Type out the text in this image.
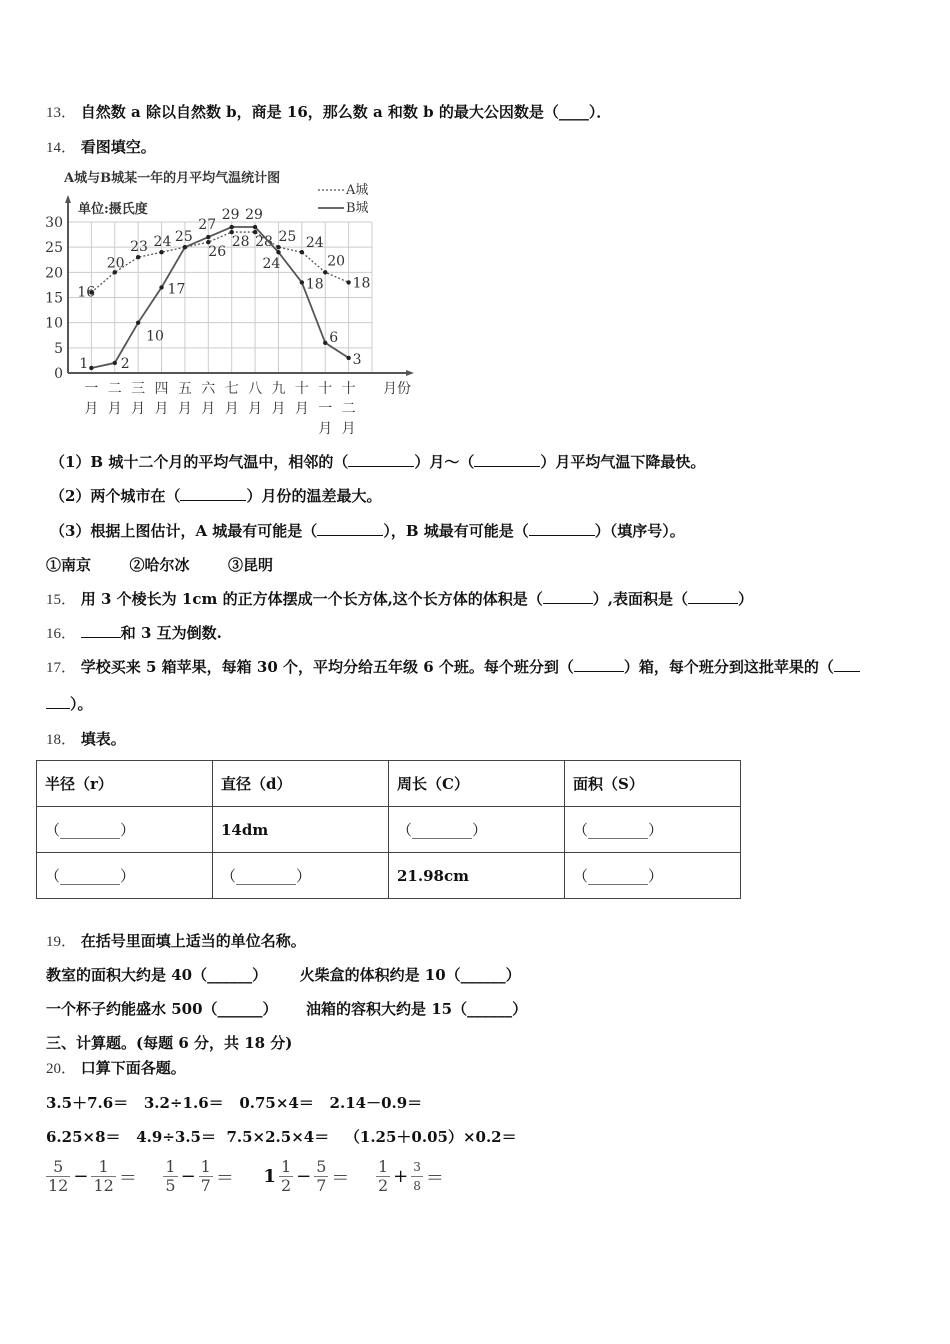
13． 自然数 a 除以自然数 b，商是 16，那么数 a 和数 b 的最大公因数是（____）．
14． 看图填空。
A城与B城某一年的月平均气温统计图
A城
B城
单位:摄氏度
0
5
10
15
20
25
30
16
20
23 24 25
26
28 28 25 24
20
18
1 2
10
17
27
29 29
24
18
6
3
一
月
二
月
三
月
四
月
五
月
六
月
七
月
八
月
九
月
十
月
十
一
月
十
二
月
月份
（1）B 城十二个月的平均气温中，相邻的（	）月～（	）月平均气温下降最快。
（2）两个城市在（	）月份的温差最大。
（3）根据上图估计，A 城最有可能是（	），B 城最有可能是（	）（填序号）。
①南京	②哈尔冰	③昆明
15． 用 3 个棱长为 1cm 的正方体摆成一个长方体,这个长方体的体积是（	）,表面积是（	）
16．	和 3 互为倒数.
17． 学校买来 5 箱苹果，每箱 30 个，平均分给五年级 6 个班。每个班分到（	）箱，每个班分到这批苹果的（
）。
18． 填表。
半径（r）	直径（d）	周长（C）	面积（S）
（________）	14dm	（________）	（________）
（________）	（________）	21.98cm	（________）
19． 在括号里面填上适当的单位名称。
教室的面积大约是 40（______） 火柴盒的体积约是 10（______）
一个杯子约能盛水 500（______） 油箱的容积大约是 15（______）
三、计算题。(每题 6 分，共 18 分)
20． 口算下面各题。
3.5＋7.6＝ 3.2÷1.6＝ 0.75×4＝ 2.14－0.9＝
6.25×8＝ 4.9÷3.5＝ 7.5×2.5×4＝ （1.25＋0.05）×0.2＝
$\frac{5}{12} - \frac{1}{12} = \frac{1}{5} - \frac{1}{7} = 1 \frac{1}{2} - \frac{5}{7} = \frac{1}{2} + \frac{3}{8}$ ＝
